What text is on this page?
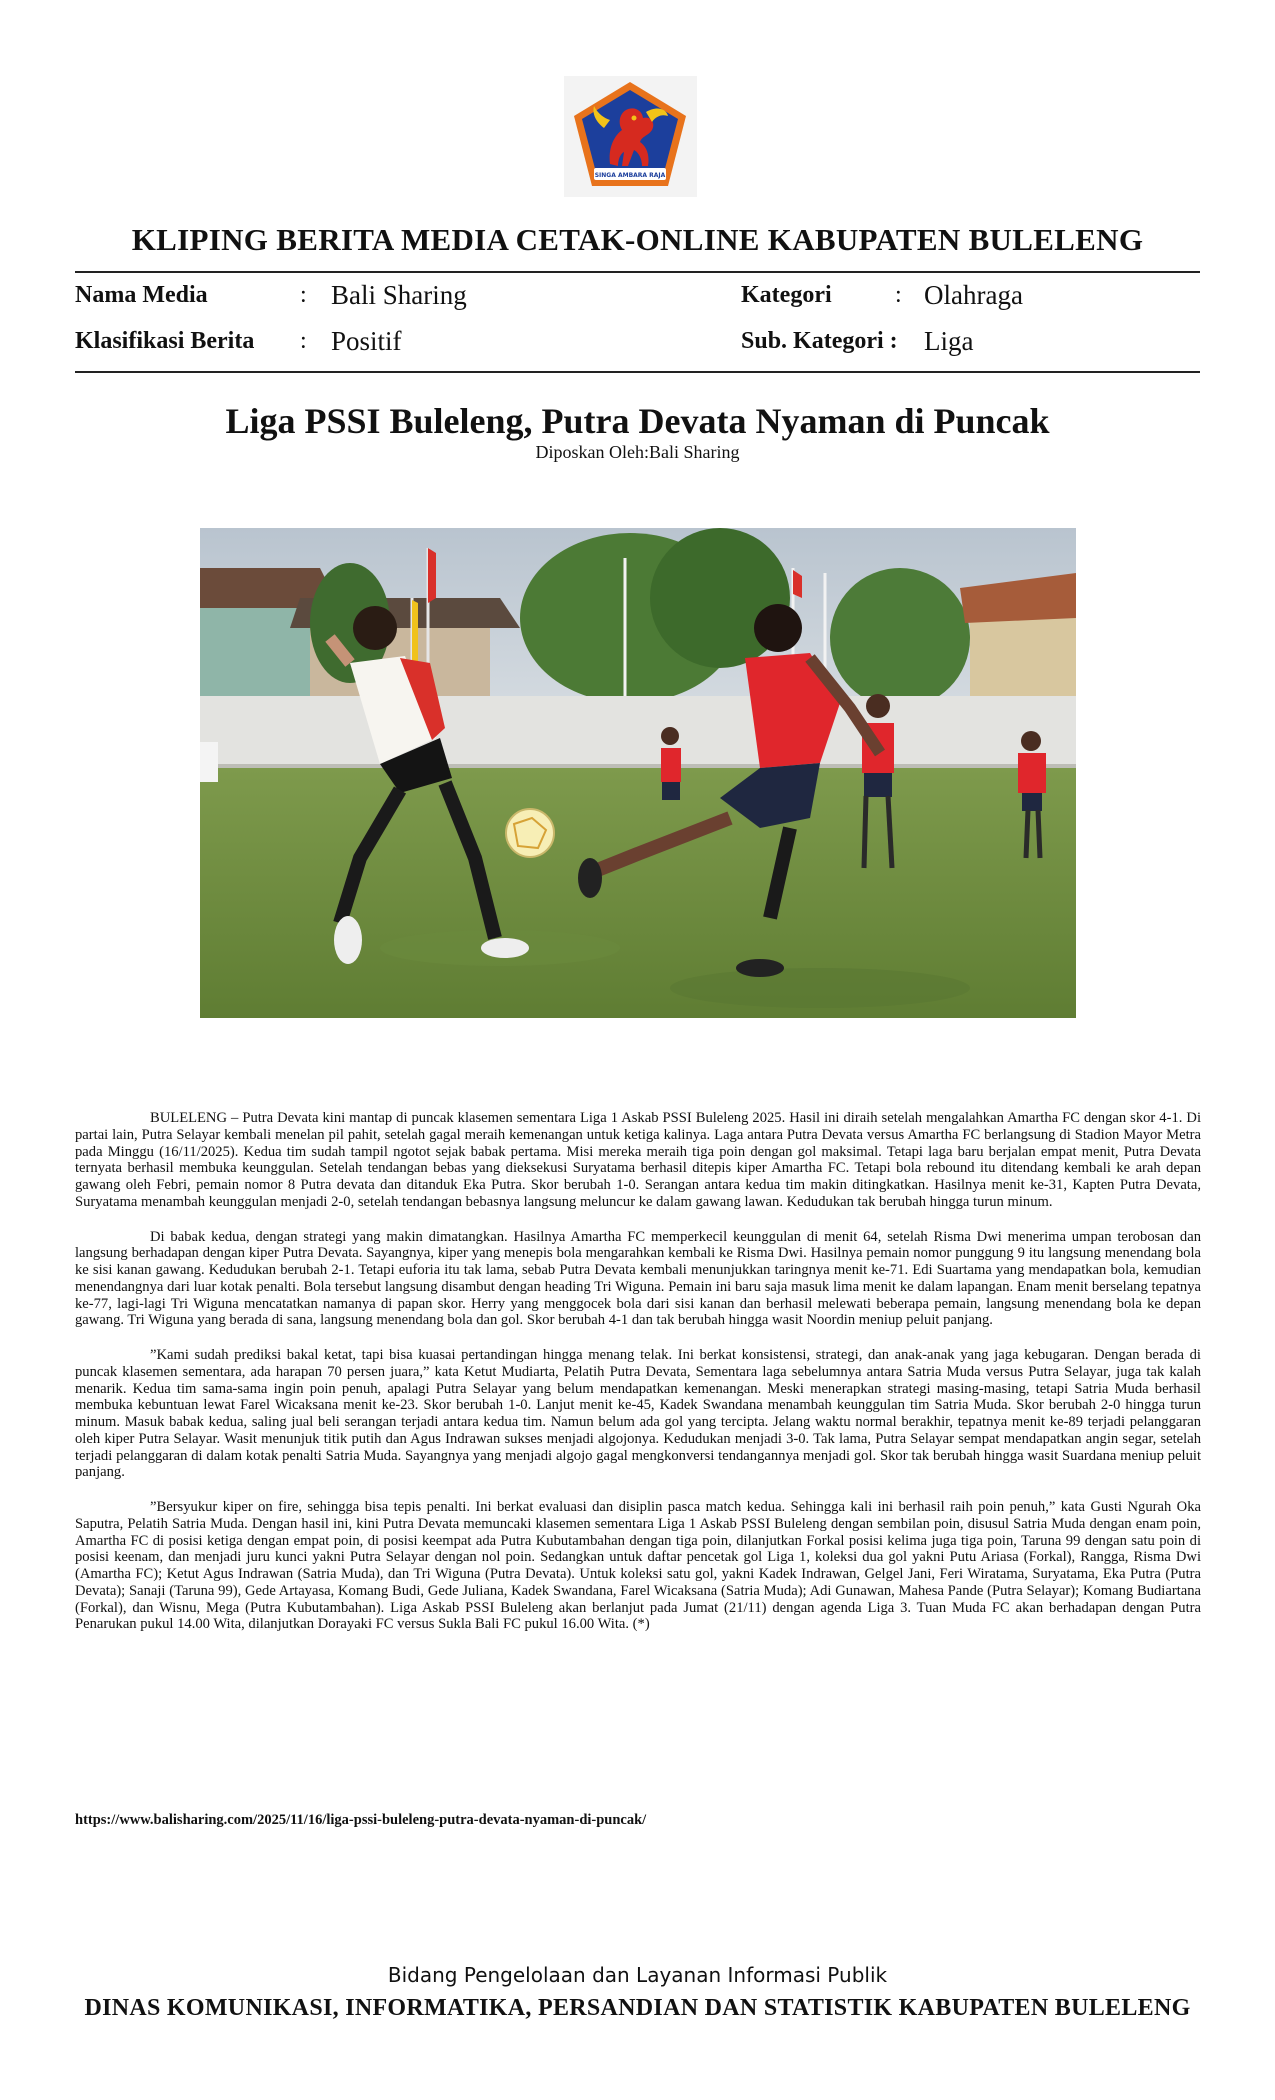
SINGA AMBARA RAJA
KLIPING BERITA MEDIA CETAK-ONLINE KABUPATEN BULELENG
Nama Media	: Bali Sharing
Klasifikasi Berita : Positif
Kategori	: Olahraga
Sub. Kategori : Liga
Liga PSSI Buleleng, Putra Devata Nyaman di Puncak
Diposkan Oleh:Bali Sharing

BULELENG – Putra Devata kini mantap di puncak klasemen sementara Liga 1 Askab PSSI Buleleng 2025. Hasil ini diraih setelah mengalahkan Amartha FC dengan skor 4-1. Di partai lain, Putra Selayar kembali menelan pil pahit, setelah gagal meraih kemenangan untuk ketiga kalinya. Laga antara Putra Devata versus Amartha FC berlangsung di Stadion Mayor Metra pada Minggu (16/11/2025). Kedua tim sudah tampil ngotot sejak babak pertama. Misi mereka meraih tiga poin dengan gol maksimal. Tetapi laga baru berjalan empat menit, Putra Devata ternyata berhasil membuka keunggulan. Setelah tendangan bebas yang dieksekusi Suryatama berhasil ditepis kiper Amartha FC. Tetapi bola rebound itu ditendang kembali ke arah depan gawang oleh Febri, pemain nomor 8 Putra devata dan ditanduk Eka Putra. Skor berubah 1-0. Serangan antara kedua tim makin ditingkatkan. Hasilnya menit ke-31, Kapten Putra Devata, Suryatama menambah keunggulan menjadi 2-0, setelah tendangan bebasnya langsung meluncur ke dalam gawang lawan. Kedudukan tak berubah hingga turun minum.

Di babak kedua, dengan strategi yang makin dimatangkan. Hasilnya Amartha FC memperkecil keunggulan di menit 64, setelah Risma Dwi menerima umpan terobosan dan langsung berhadapan dengan kiper Putra Devata. Sayangnya, kiper yang menepis bola mengarahkan kembali ke Risma Dwi. Hasilnya pemain nomor punggung 9 itu langsung menendang bola ke sisi kanan gawang. Kedudukan berubah 2-1. Tetapi euforia itu tak lama, sebab Putra Devata kembali menunjukkan taringnya menit ke-71. Edi Suartama yang mendapatkan bola, kemudian menendangnya dari luar kotak penalti. Bola tersebut langsung disambut dengan heading Tri Wiguna. Pemain ini baru saja masuk lima menit ke dalam lapangan. Enam menit berselang tepatnya ke-77, lagi-lagi Tri Wiguna mencatatkan namanya di papan skor. Herry yang menggocek bola dari sisi kanan dan berhasil melewati beberapa pemain, langsung menendang bola ke depan gawang. Tri Wiguna yang berada di sana, langsung menendang bola dan gol. Skor berubah 4-1 dan tak berubah hingga wasit Noordin meniup peluit panjang.

”Kami sudah prediksi bakal ketat, tapi bisa kuasai pertandingan hingga menang telak. Ini berkat konsistensi, strategi, dan anak-anak yang jaga kebugaran. Dengan berada di puncak klasemen sementara, ada harapan 70 persen juara,” kata Ketut Mudiarta, Pelatih Putra Devata, Sementara laga sebelumnya antara Satria Muda versus Putra Selayar, juga tak kalah menarik. Kedua tim sama-sama ingin poin penuh, apalagi Putra Selayar yang belum mendapatkan kemenangan. Meski menerapkan strategi masing-masing, tetapi Satria Muda berhasil membuka kebuntuan lewat Farel Wicaksana menit ke-23. Skor berubah 1-0. Lanjut menit ke-45, Kadek Swandana menambah keunggulan tim Satria Muda. Skor berubah 2-0 hingga turun minum. Masuk babak kedua, saling jual beli serangan terjadi antara kedua tim. Namun belum ada gol yang tercipta. Jelang waktu normal berakhir, tepatnya menit ke-89 terjadi pelanggaran oleh kiper Putra Selayar. Wasit menunjuk titik putih dan Agus Indrawan sukses menjadi algojonya. Kedudukan menjadi 3-0. Tak lama, Putra Selayar sempat mendapatkan angin segar, setelah terjadi pelanggaran di dalam kotak penalti Satria Muda. Sayangnya yang menjadi algojo gagal mengkonversi tendangannya menjadi gol. Skor tak berubah hingga wasit Suardana meniup peluit panjang.

”Bersyukur kiper on fire, sehingga bisa tepis penalti. Ini berkat evaluasi dan disiplin pasca match kedua. Sehingga kali ini berhasil raih poin penuh,” kata Gusti Ngurah Oka Saputra, Pelatih Satria Muda. Dengan hasil ini, kini Putra Devata memuncaki klasemen sementara Liga 1 Askab PSSI Buleleng dengan sembilan poin, disusul Satria Muda dengan enam poin, Amartha FC di posisi ketiga dengan empat poin, di posisi keempat ada Putra Kubutambahan dengan tiga poin, dilanjutkan Forkal posisi kelima juga tiga poin, Taruna 99 dengan satu poin di posisi keenam, dan menjadi juru kunci yakni Putra Selayar dengan nol poin. Sedangkan untuk daftar pencetak gol Liga 1, koleksi dua gol yakni Putu Ariasa (Forkal), Rangga, Risma Dwi (Amartha FC); Ketut Agus Indrawan (Satria Muda), dan Tri Wiguna (Putra Devata). Untuk koleksi satu gol, yakni Kadek Indrawan, Gelgel Jani, Feri Wiratama, Suryatama, Eka Putra (Putra Devata); Sanaji (Taruna 99), Gede Artayasa, Komang Budi, Gede Juliana, Kadek Swandana, Farel Wicaksana (Satria Muda); Adi Gunawan, Mahesa Pande (Putra Selayar); Komang Budiartana (Forkal), dan Wisnu, Mega (Putra Kubutambahan). Liga Askab PSSI Buleleng akan berlanjut pada Jumat (21/11) dengan agenda Liga 3. Tuan Muda FC akan berhadapan dengan Putra Penarukan pukul 14.00 Wita, dilanjutkan Dorayaki FC versus Sukla Bali FC pukul 16.00 Wita. (*)

https://www.balisharing.com/2025/11/16/liga-pssi-buleleng-putra-devata-nyaman-di-puncak/
Bidang Pengelolaan dan Layanan Informasi Publik
DINAS KOMUNIKASI, INFORMATIKA, PERSANDIAN DAN STATISTIK KABUPATEN BULELENG
